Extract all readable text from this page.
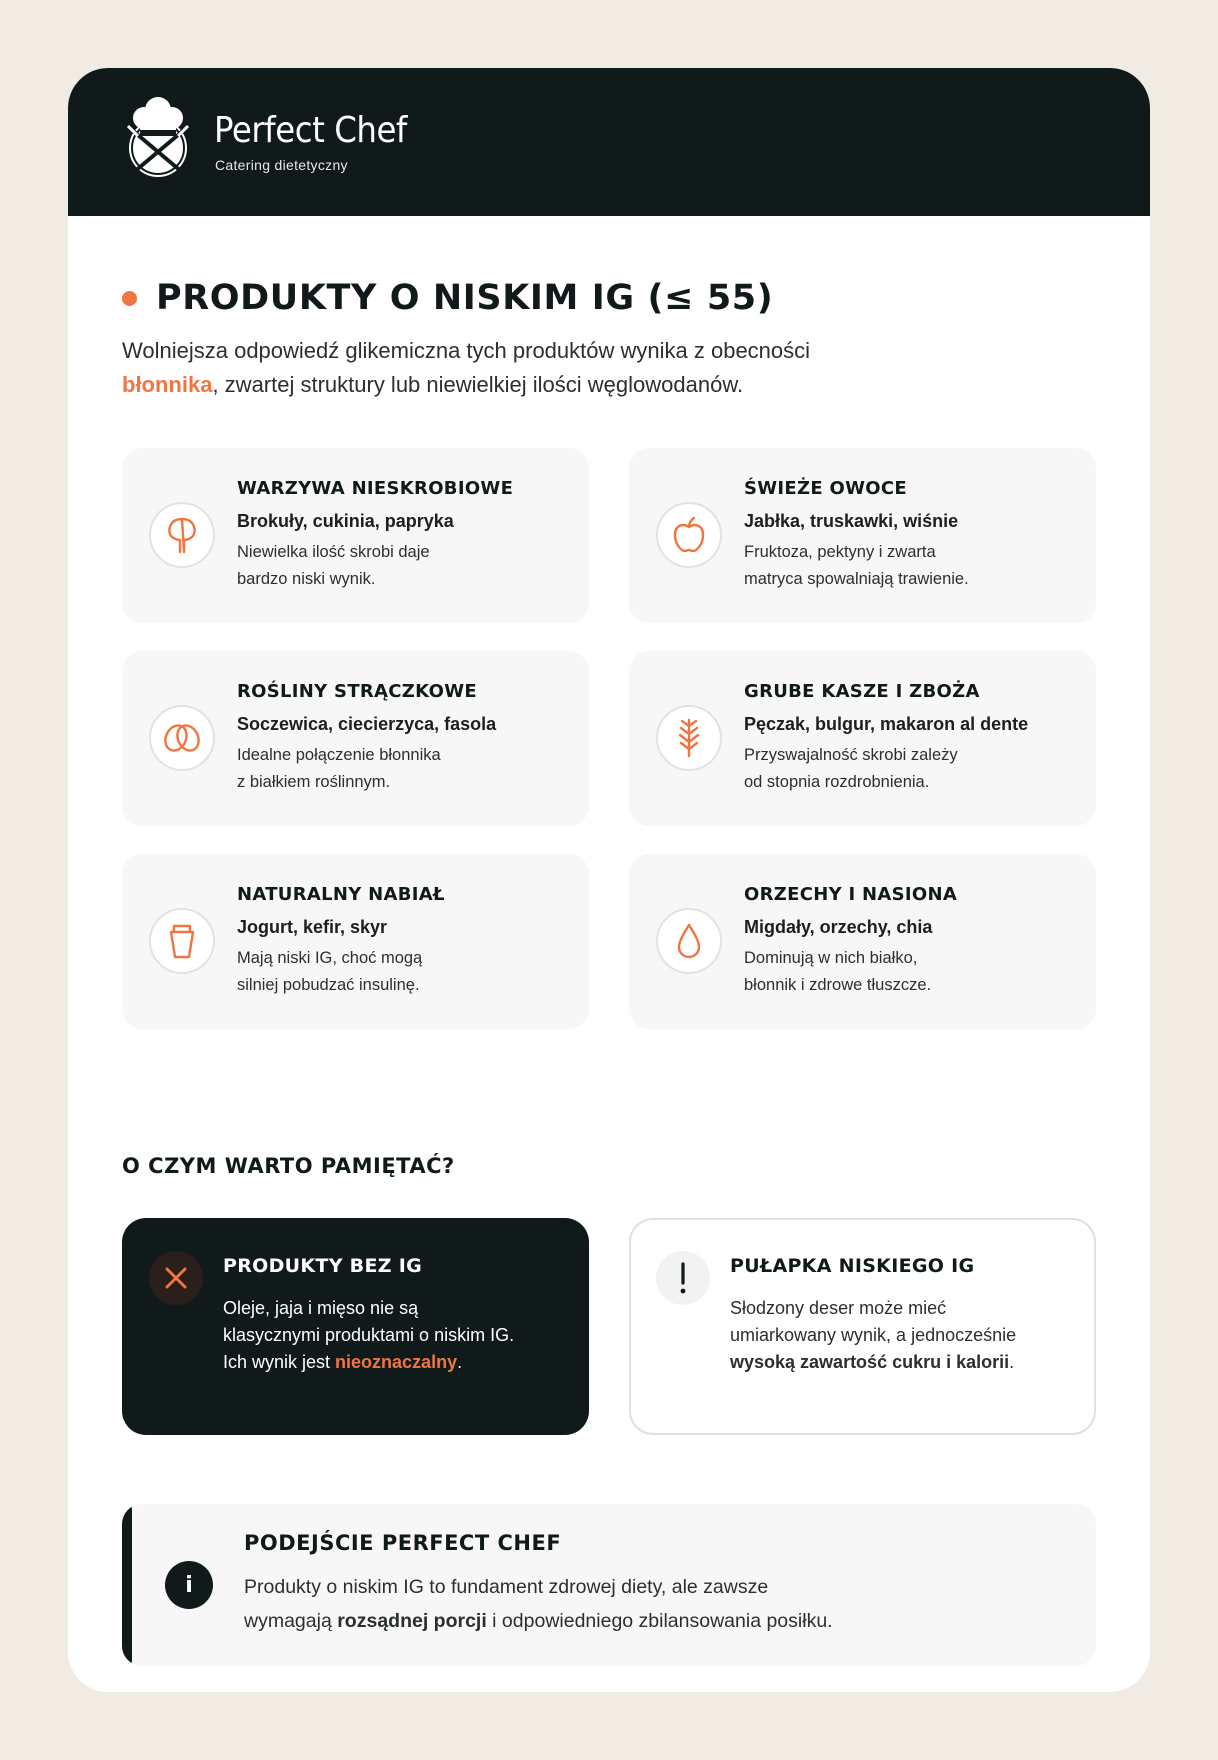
Perfect Chef
Catering dietetyczny
PRODUKTY O NISKIM IG (≤ 55)

Wolniejsza odpowiedź glikemiczna tych produktów wynika z obecności
błonnika, zwartej struktury lub niewielkiej ilości węglowodanów.

WARZYWA NIESKROBIOWE
Brokuły, cukinia, papryka
Niewielka ilość skrobi daje
bardzo niski wynik.
ŚWIEŻE OWOCE
Jabłka, truskawki, wiśnie
Fruktoza, pektyny i zwarta
matryca spowalniają trawienie.
ROŚLINY STRĄCZKOWE
Soczewica, ciecierzyca, fasola
Idealne połączenie błonnika
z białkiem roślinnym.
GRUBE KASZE I ZBOŻA
Pęczak, bulgur, makaron al dente
Przyswajalność skrobi zależy
od stopnia rozdrobnienia.
NATURALNY NABIAŁ
Jogurt, kefir, skyr
Mają niski IG, choć mogą
silniej pobudzać insulinę.
ORZECHY I NASIONA
Migdały, orzechy, chia
Dominują w nich białko,
błonnik i zdrowe tłuszcze.
O CZYM WARTO PAMIĘTAĆ?
PRODUKTY BEZ IG
Oleje, jaja i mięso nie są
klasycznymi produktami o niskim IG.
Ich wynik jest nieoznaczalny.
PUŁAPKA NISKIEGO IG
Słodzony deser może mieć
umiarkowany wynik, a jednocześnie
wysoką zawartość cukru i kalorii.
i
PODEJŚCIE PERFECT CHEF
Produkty o niskim IG to fundament zdrowej diety, ale zawsze
wymagają rozsądnej porcji i odpowiedniego zbilansowania posiłku.
